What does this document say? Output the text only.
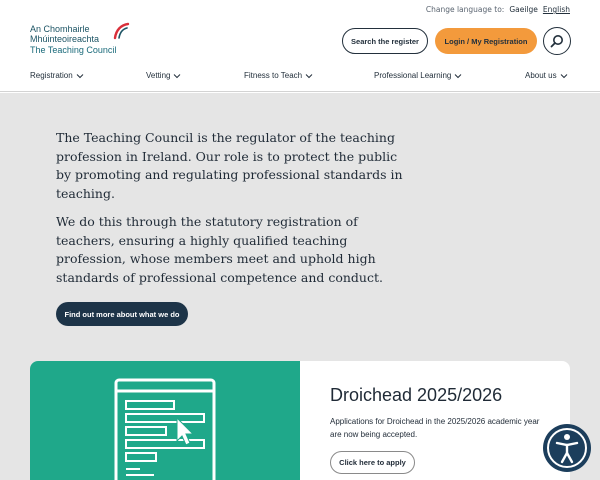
Change language to: Gaeilge English
An Chomhairle
Mhúinteoireachta
The Teaching Council
Search the register	Login / My Registration
Registration	Vetting	Fitness to Teach	Professional Learning	About us

The Teaching Council is the regulator of the teaching profession in Ireland. Our role is to protect the public by promoting and regulating professional standards in teaching.

We do this through the statutory registration of teachers, ensuring a highly qualified teaching profession, whose members meet and uphold high standards of professional competence and conduct.

Find out more about what we do
Droichead 2025/2026
Applications for Droichead in the 2025/2026 academic year are now being accepted.
Click here to apply
